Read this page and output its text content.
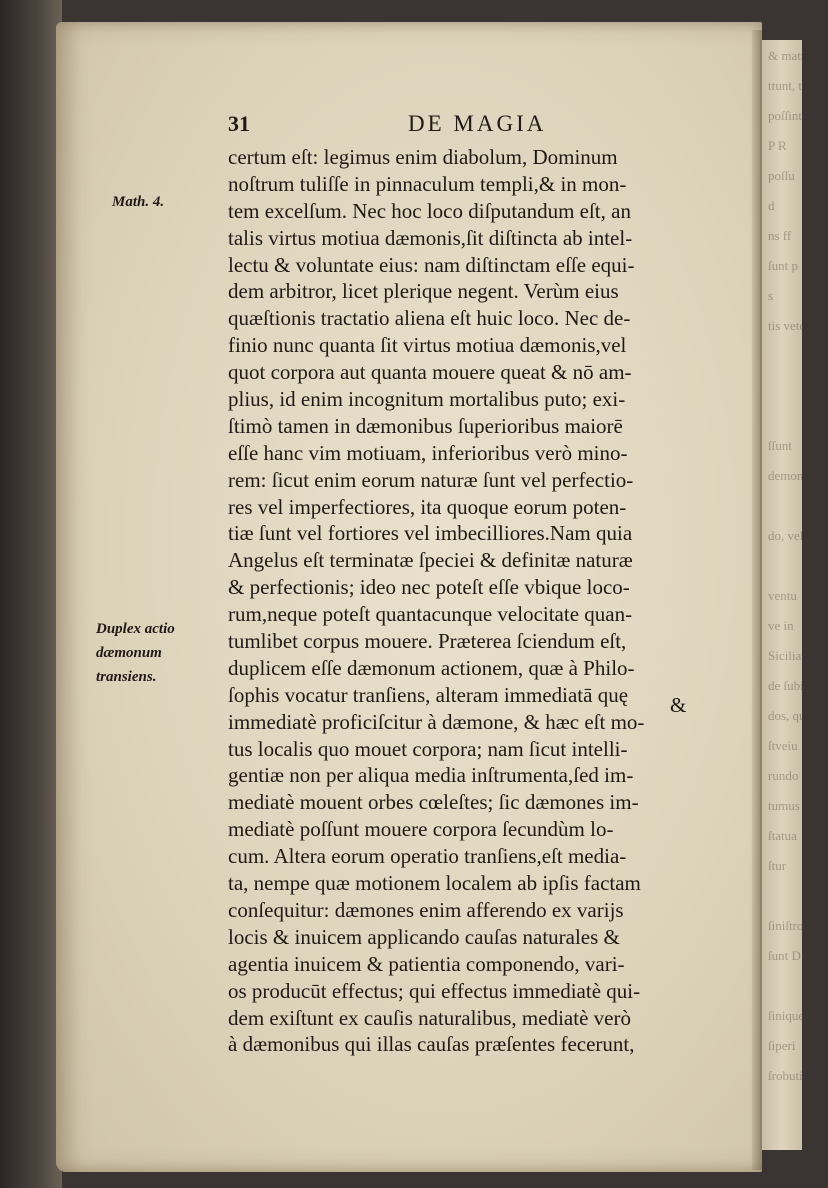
& matr
ttunt, ti
poſſint
P R
poſſu
d
ns ff
ſunt p
s
tis veto
ſſunt
demon
do, vel
ventu
ve in
Sicilia
de ſubi
dos, qu
ſtveiu
rundo
tumus
ſtatua
ſtur
ſiniſtro
ſunt D
ſinique
ſiperi
ſrobuti
31	DE MAGIA
Math. 4.
Duplex actio
dæmonum
transiens.
certum eſt: legimus enim diabolum, Dominum
noſtrum tuliſſe in pinnaculum templi,& in mon-
tem excelſum. Nec hoc loco diſputandum eſt, an
talis virtus motiua dæmonis,ſit diſtincta ab intel-
lectu & voluntate eius: nam diſtinctam eſſe equi-
dem arbitror, licet plerique negent. Verùm eius
quæſtionis tractatio aliena eſt huic loco. Nec de-
finio nunc quanta ſit virtus motiua dæmonis,vel
quot corpora aut quanta mouere queat & nō am-
plius, id enim incognitum mortalibus puto; exi-
ſtimò tamen in dæmonibus ſuperioribus maiorē
eſſe hanc vim motiuam, inferioribus verò mino-
rem: ſicut enim eorum naturæ ſunt vel perfectio-
res vel imperfectiores, ita quoque eorum poten-
tiæ ſunt vel fortiores vel imbecilliores.Nam quia
Angelus eſt terminatæ ſpeciei & definitæ naturæ
& perfectionis; ideo nec poteſt eſſe vbique loco-
rum,neque poteſt quantacunque velocitate quan-
tumlibet corpus mouere. Præterea ſciendum eſt,
duplicem eſſe dæmonum actionem, quæ à Philo-
ſophis vocatur tranſiens, alteram immediatā quę
immediatè proficiſcitur à dæmone, & hæc eſt mo-
tus localis quo mouet corpora; nam ſicut intelli-
gentiæ non per aliqua media inſtrumenta,ſed im-
mediatè mouent orbes cœleſtes; ſic dæmones im-
mediatè poſſunt mouere corpora ſecundùm lo-
cum. Altera eorum operatio tranſiens,eſt media-
ta, nempe quæ motionem localem ab ipſis factam
conſequitur: dæmones enim afferendo ex varijs
locis & inuicem applicando cauſas naturales &
agentia inuicem & patientia componendo, vari-
os producūt effectus; qui effectus immediatè qui-
dem exiſtunt ex cauſis naturalibus, mediatè verò
à dæmonibus qui illas cauſas præſentes fecerunt,
&
